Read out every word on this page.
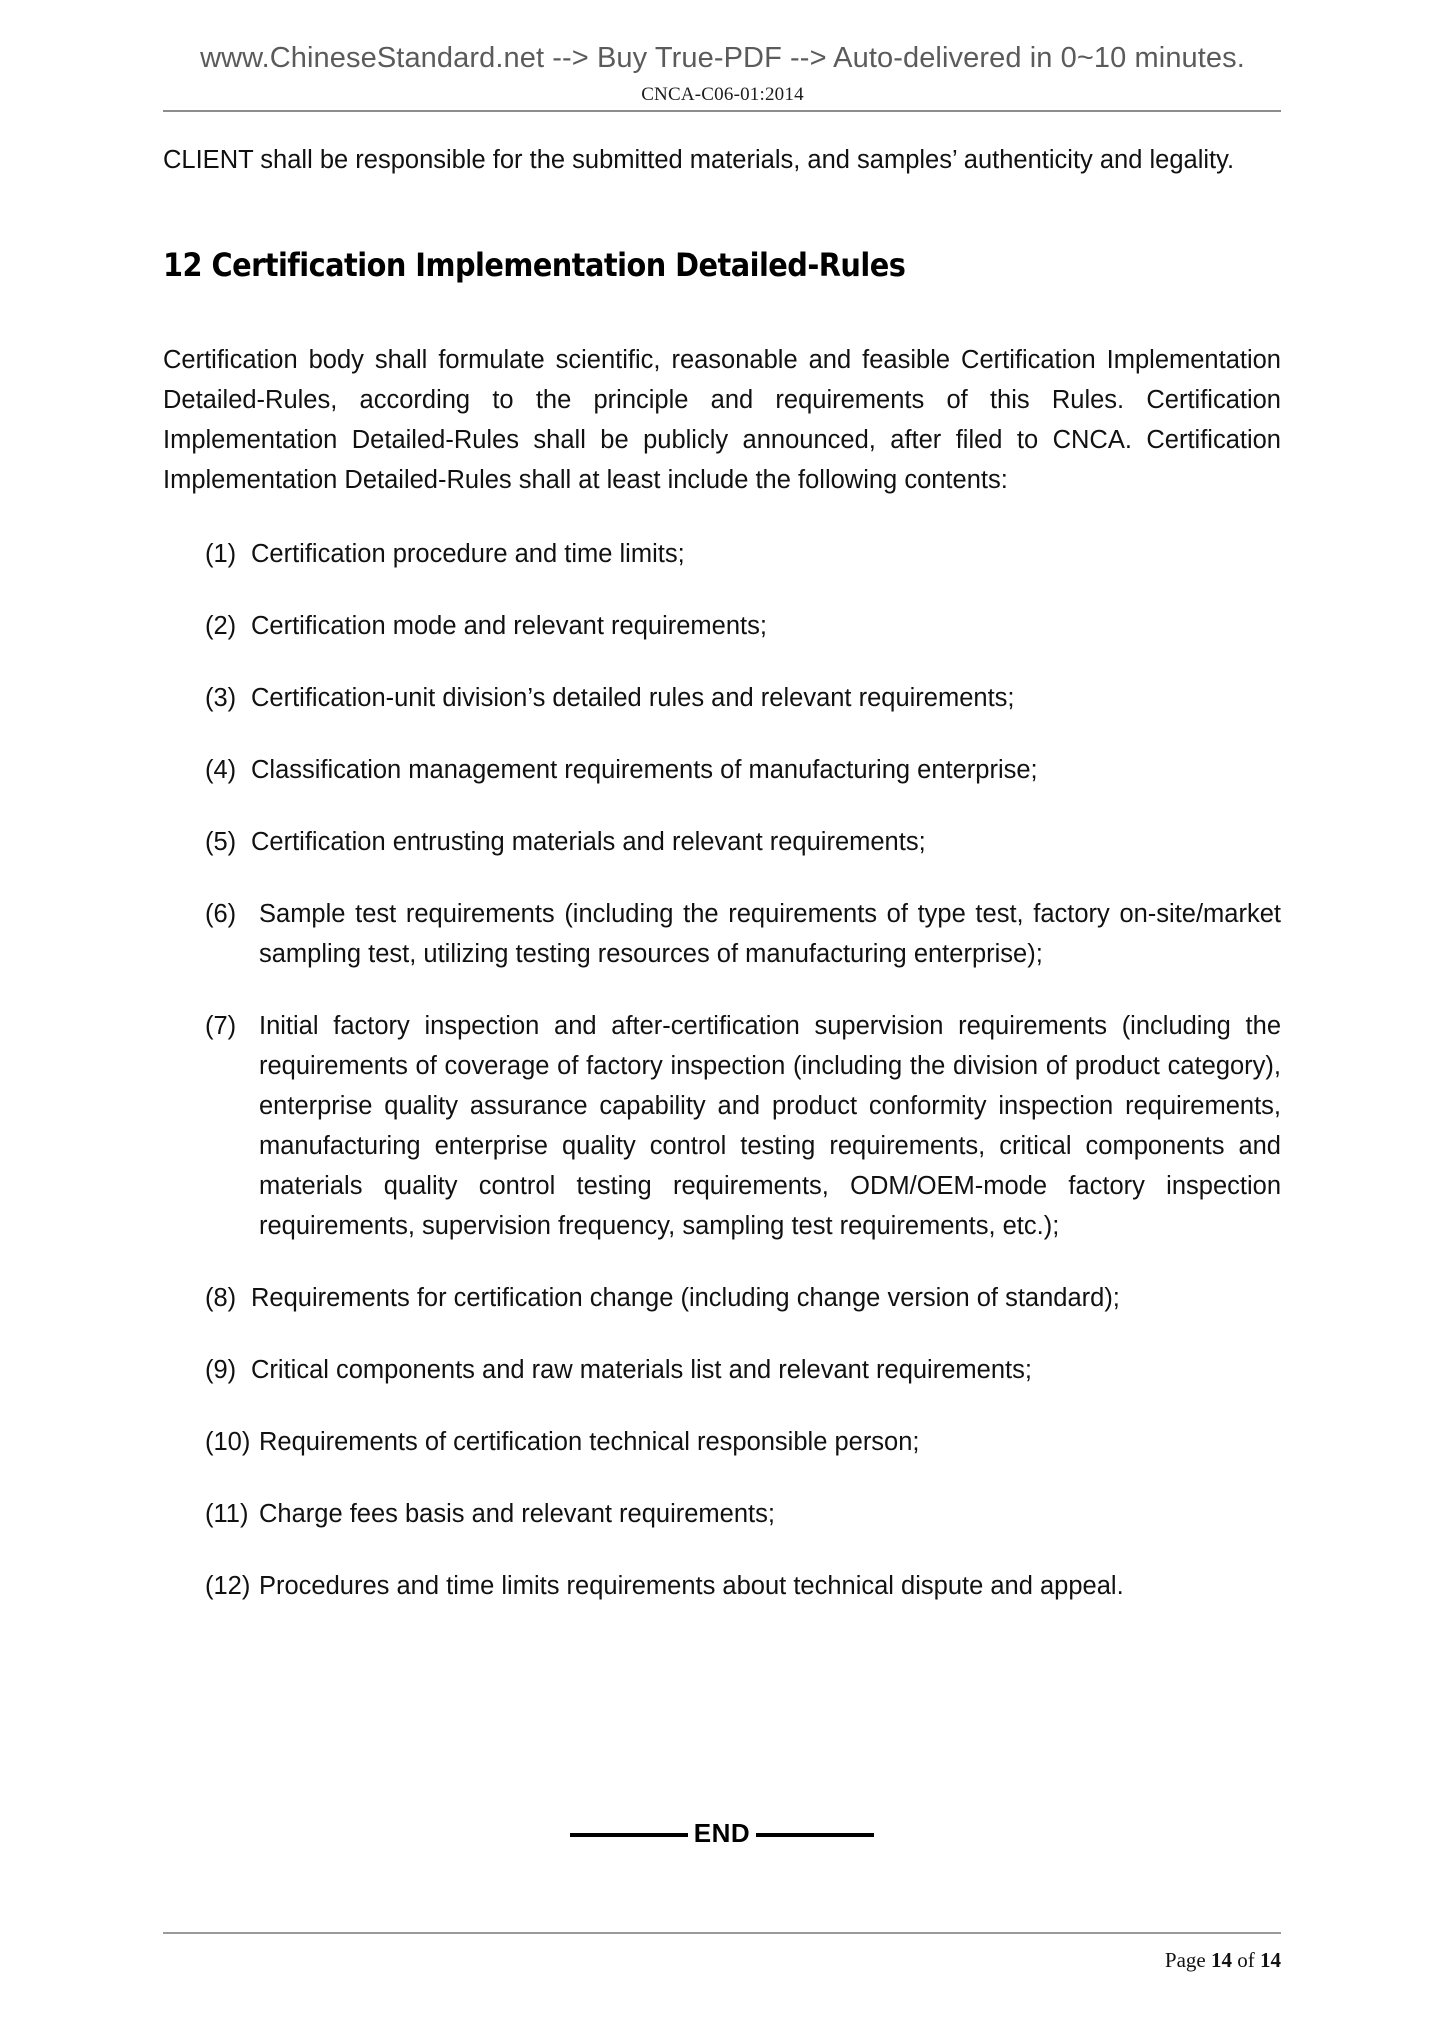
www.ChineseStandard.net --> Buy True-PDF --> Auto-delivered in 0~10 minutes.
CNCA-C06-01:2014

CLIENT shall be responsible for the submitted materials, and samples’ authenticity and legality.

12 Certification Implementation Detailed-Rules

Certification body shall formulate scientific, reasonable and feasible Certification Implementation Detailed-Rules, according to the principle and requirements of this Rules. Certification Implementation Detailed-Rules shall be publicly announced, after filed to CNCA. Certification Implementation Detailed-Rules shall at least include the following contents:

(1) Certification procedure and time limits;
(2) Certification mode and relevant requirements;
(3) Certification-unit division’s detailed rules and relevant requirements;
(4) Classification management requirements of manufacturing enterprise;
(5) Certification entrusting materials and relevant requirements;
(6) Sample test requirements (including the requirements of type test, factory on-site/market sampling test, utilizing testing resources of manufacturing enterprise);
(7) Initial factory inspection and after-certification supervision requirements (including the requirements of coverage of factory inspection (including the division of product category), enterprise quality assurance capability and product conformity inspection requirements, manufacturing enterprise quality control testing requirements, critical components and materials quality control testing requirements, ODM/OEM-mode factory inspection requirements, supervision frequency, sampling test requirements, etc.);
(8) Requirements for certification change (including change version of standard);
(9) Critical components and raw materials list and relevant requirements;
(10) Requirements of certification technical responsible person;
(11) Charge fees basis and relevant requirements;
(12) Procedures and time limits requirements about technical dispute and appeal.
END
Page 14 of 14
